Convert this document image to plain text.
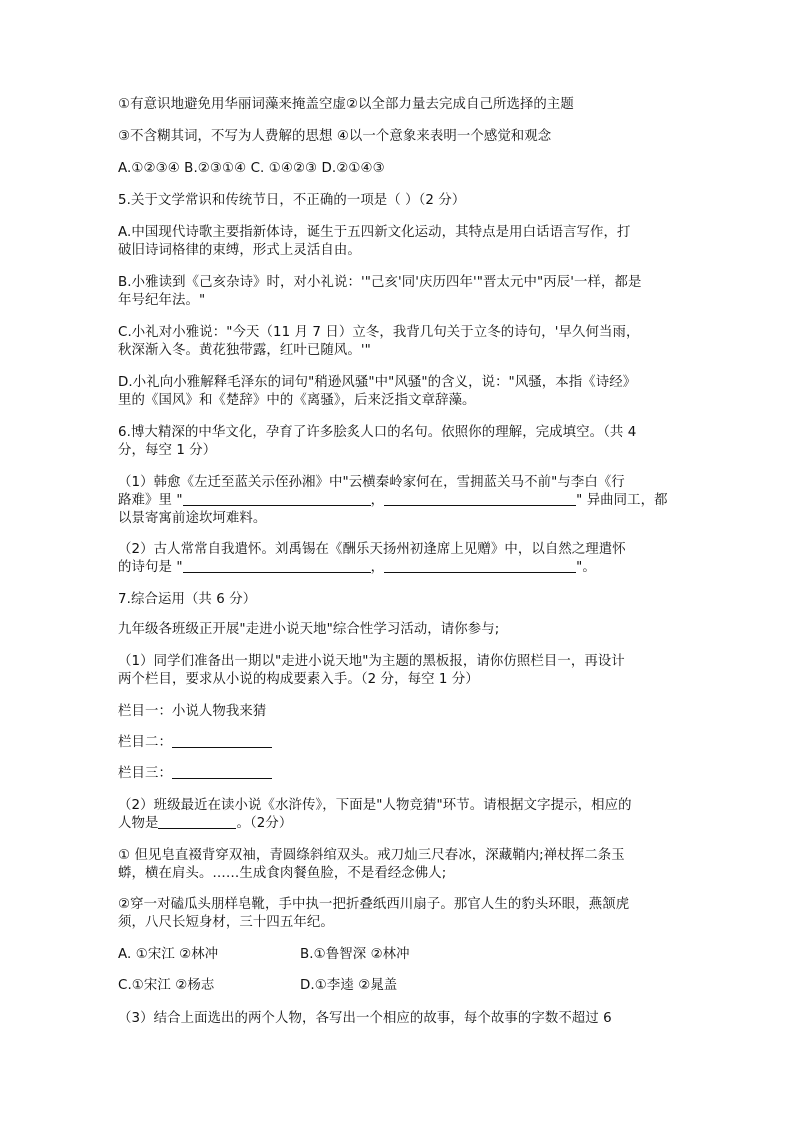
①有意识地避免用华丽词藻来掩盖空虚②以全部力量去完成自己所选择的主题
③不含糊其词，不写为人费解的思想 ④以一个意象来表明一个感觉和观念
A.①②③④ B.②③①④ C. ①④②③ D.②①④③
5.关于文学常识和传统节日，不正确的一项是（ ）（2 分）
A.中国现代诗歌主要指新体诗，诞生于五四新文化运动，其特点是用白话语言写作，打
破旧诗词格律的束缚，形式上灵活自由。
B.小雅读到《己亥杂诗》时，对小礼说：'"己亥'同'庆历四年'"晋太元中"丙辰'一样，都是
年号纪年法。"
C.小礼对小雅说："今天（11 月 7 日）立冬，我背几句关于立冬的诗句，'早久何当雨，
秋深渐入冬。黄花独带露，红叶已随风。'"
D.小礼向小雅解释毛泽东的词句"稍逊风骚"中"风骚"的含义，说："风骚，本指《诗经》
里的《国风》和《楚辞》中的《离骚》，后来泛指文章辞藻。
6.博大精深的中华文化，孕育了许多脍炙人口的名句。依照你的理解，完成填空。（共 4
分，每空 1 分）
（1）韩愈《左迁至蓝关示侄孙湘》中"云横秦岭家何在，雪拥蓝关马不前"与李白《行
路难》里 "	，	" 异曲同工，都
以景寄寓前途坎坷难料。
（2）古人常常自我遣怀。刘禹锡在《酬乐天扬州初逢席上见赠》中，以自然之理遣怀
的诗句是 "	，	"。
7.综合运用（共 6 分）
九年级各班级正开展"走进小说天地"综合性学习活动，请你参与;
（1）同学们准备出一期以"走进小说天地"为主题的黑板报，请你仿照栏目一，再设计
两个栏目，要求从小说的构成要素入手。（2 分，每空 1 分）
栏目一：小说人物我来猜
栏目二：
栏目三：
（2）班级最近在读小说《水浒传》，下面是"人物竞猜"环节。请根据文字提示，相应的
人物是	。（2分）
① 但见皂直裰背穿双袖，青圆绦斜绾双头。戒刀灿三尺春冰，深藏鞘内;禅杖挥二条玉
蟒，横在肩头。……生成食肉餐鱼脸，不是看经念佛人;
②穿一对磕瓜头朋样皂靴，手中执一把折叠纸西川扇子。那官人生的豹头环眼，燕颔虎
须，八尺长短身材，三十四五年纪。
A. ①宋江 ②林冲	B.①鲁智深 ②林冲
C.①宋江 ②杨志	D.①李逵 ②晁盖
（3）结合上面选出的两个人物，各写出一个相应的故事，每个故事的字数不超过 6
